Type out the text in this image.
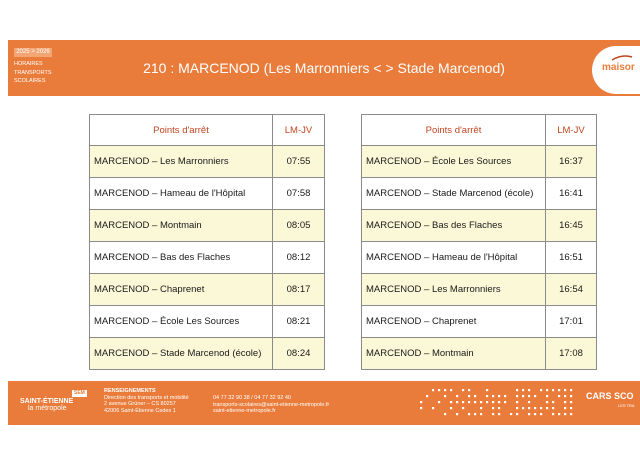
2025 > 2026
HORAIRES
TRANSPORTS
SCOLAIRES
210 : MARCENOD (Les Marronniers < > Stade Marcenod)	maisor
Points d'arrêt	LM-JV
MARCENOD – Les Marronniers	07:55
MARCENOD – Hameau de l'Hôpital	07:58
MARCENOD – Montmain	08:05
MARCENOD – Bas des Flaches	08:12
MARCENOD – Chaprenet	08:17
MARCENOD – École Les Sources	08:21
MARCENOD – Stade Marcenod (école)	08:24
Points d'arrêt	LM-JV
MARCENOD – École Les Sources	16:37
MARCENOD – Stade Marcenod (école)	16:41
MARCENOD – Bas des Flaches	16:45
MARCENOD – Hameau de l'Hôpital	16:51
MARCENOD – Les Marronniers	16:54
MARCENOD – Chaprenet	17:01
MARCENOD – Montmain	17:08
SEM
SAINT-ÉTIENNE
la métropole
RENSEIGNEMENTS
Direction des transports et mobilité
2 avenue Grüner – CS 80257
42006 Saint-Étienne Cedex 1
04 77 32 90 38 / 04 77 32 92 40
transports-scolaires@saint-etienne-metropole.fr
saint-etienne-metropole.fr
CARS SCO
LES TRA
